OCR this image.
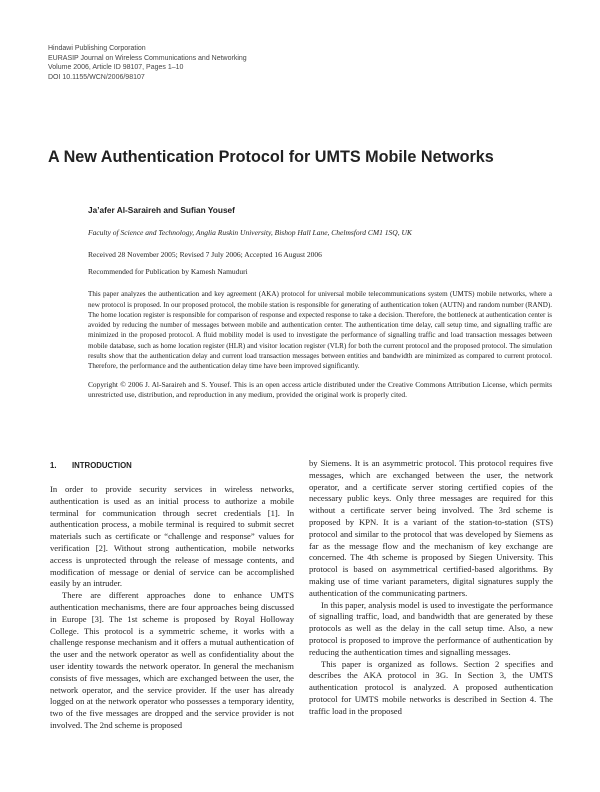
Hindawi Publishing Corporation
EURASIP Journal on Wireless Communications and Networking
Volume 2006, Article ID 98107, Pages 1–10
DOI 10.1155/WCN/2006/98107
A New Authentication Protocol for UMTS Mobile Networks

Ja’afer Al-Saraireh and Sufian Yousef

Faculty of Science and Technology, Anglia Ruskin University, Bishop Hall Lane, Chelmsford CM1 1SQ, UK

Received 28 November 2005; Revised 7 July 2006; Accepted 16 August 2006

Recommended for Publication by Kamesh Namuduri

This paper analyzes the authentication and key agreement (AKA) protocol for universal mobile telecommunications system (UMTS) mobile networks, where a new protocol is proposed. In our proposed protocol, the mobile station is responsible for generating of authentication token (AUTN) and random number (RAND). The home location register is responsible for comparison of response and expected response to take a decision. Therefore, the bottleneck at authentication center is avoided by reducing the number of messages between mobile and authentication center. The authentication time delay, call setup time, and signalling traffic are minimized in the proposed protocol. A fluid mobility model is used to investigate the performance of signalling traffic and load transaction messages between mobile database, such as home location register (HLR) and visitor location register (VLR) for both the current protocol and the proposed protocol. The simulation results show that the authentication delay and current load transaction messages between entities and bandwidth are minimized as compared to current protocol. Therefore, the performance and the authentication delay time have been improved significantly.

Copyright © 2006 J. Al-Saraireh and S. Yousef. This is an open access article distributed under the Creative Commons Attribution License, which permits unrestricted use, distribution, and reproduction in any medium, provided the original work is properly cited.

1. INTRODUCTION

In order to provide security services in wireless networks, authentication is used as an initial process to authorize a mobile terminal for communication through secret credentials [1]. In authentication process, a mobile terminal is required to submit secret materials such as certificate or “challenge and response” values for verification [2]. Without strong authentication, mobile networks access is unprotected through the release of message contents, and modification of message or denial of service can be accomplished easily by an intruder.

There are different approaches done to enhance UMTS authentication mechanisms, there are four approaches being discussed in Europe [3]. The 1st scheme is proposed by Royal Holloway College. This protocol is a symmetric scheme, it works with a challenge response mechanism and it offers a mutual authentication of the user and the network operator as well as confidentiality about the user identity towards the network operator. In general the mechanism consists of five messages, which are exchanged between the user, the network operator, and the service provider. If the user has already logged on at the network operator who possesses a temporary identity, two of the five messages are dropped and the service provider is not involved. The 2nd scheme is proposed

by Siemens. It is an asymmetric protocol. This protocol requires five messages, which are exchanged between the user, the network operator, and a certificate server storing certified copies of the necessary public keys. Only three messages are required for this without a certificate server being involved. The 3rd scheme is proposed by KPN. It is a variant of the station-to-station (STS) protocol and similar to the protocol that was developed by Siemens as far as the message flow and the mechanism of key exchange are concerned. The 4th scheme is proposed by Siegen University. This protocol is based on asymmetrical certified-based algorithms. By making use of time variant parameters, digital signatures supply the authentication of the communicating partners.

In this paper, analysis model is used to investigate the performance of signalling traffic, load, and bandwidth that are generated by these protocols as well as the delay in the call setup time. Also, a new protocol is proposed to improve the performance of authentication by reducing the authentication times and signalling messages.

This paper is organized as follows. Section 2 specifies and describes the AKA protocol in 3G. In Section 3, the UMTS authentication protocol is analyzed. A proposed authentication protocol for UMTS mobile networks is described in Section 4. The traffic load in the proposed
